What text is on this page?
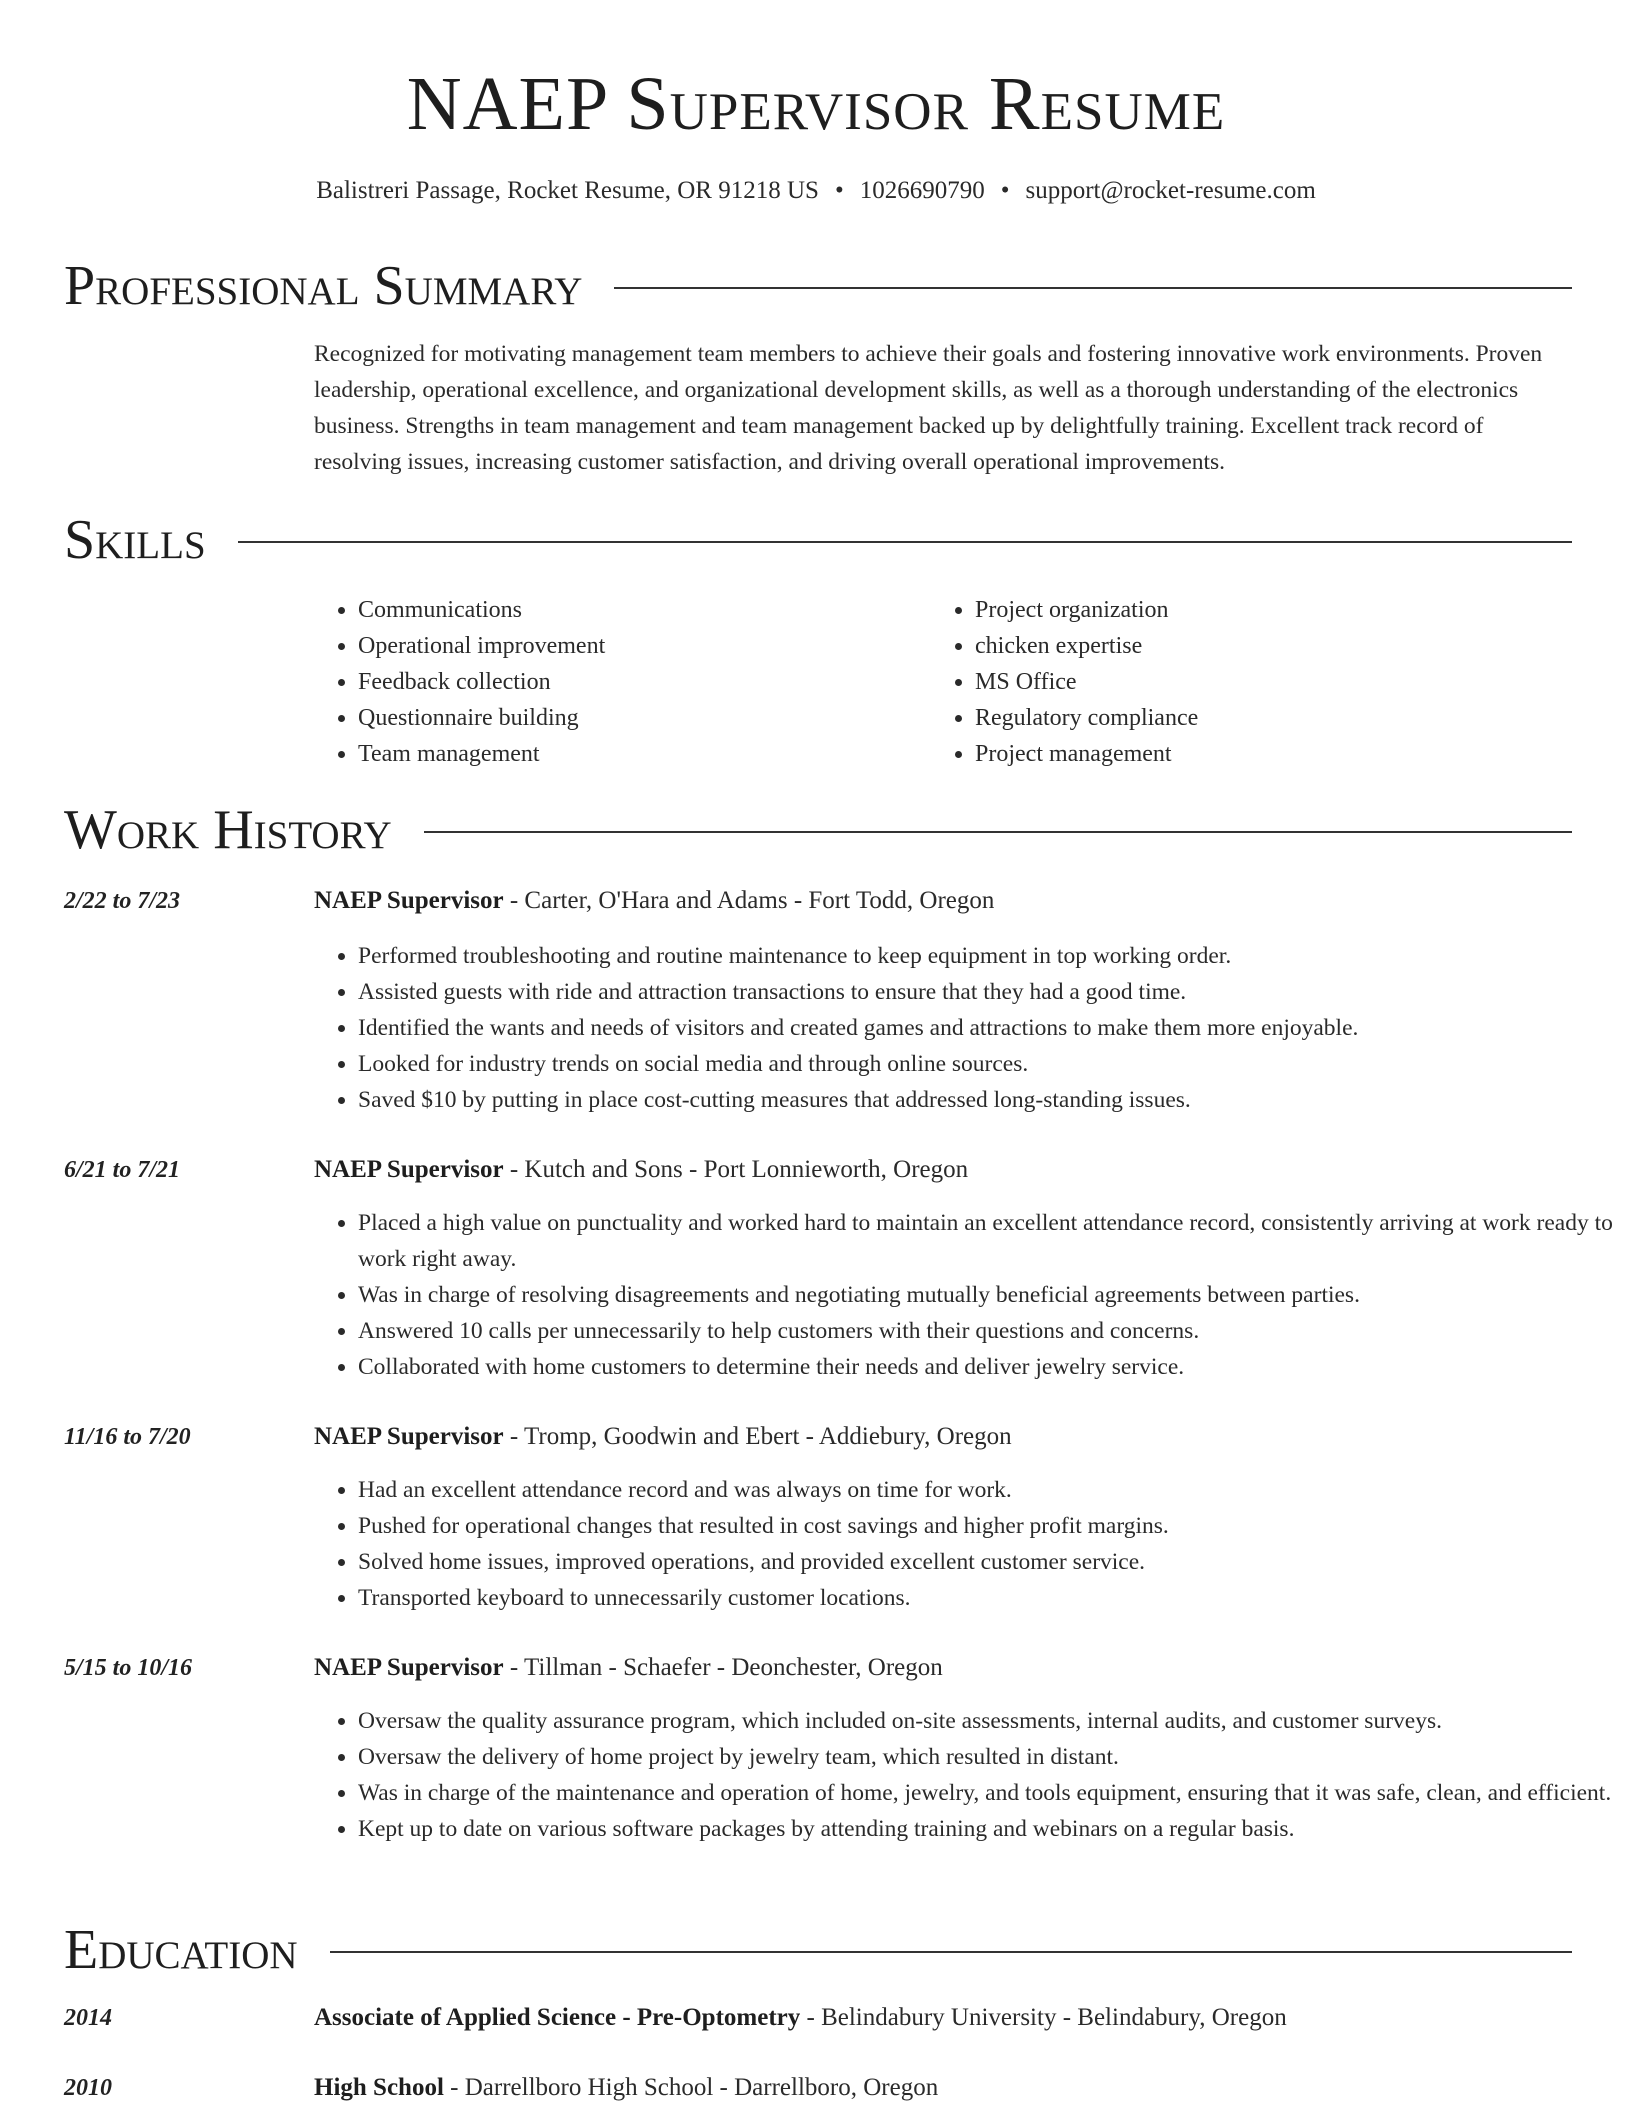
NAEP Supervisor Resume
Balistreri Passage, Rocket Resume, OR 91218 US • 1026690790 • support@rocket-resume.com
Professional Summary

Recognized for motivating management team members to achieve their goals and fostering innovative work environments. Proven leadership, operational excellence, and organizational development skills, as well as a thorough understanding of the electronics business. Strengths in team management and team management backed up by delightfully training. Excellent track record of resolving issues, increasing customer satisfaction, and driving overall operational improvements.

Skills
• Communications
• Operational improvement
• Feedback collection
• Questionnaire building
• Team management
• Project organization
• chicken expertise
• MS Office
• Regulatory compliance
• Project management
Work History
2/22 to 7/23	NAEP Supervisor - Carter, O'Hara and Adams - Fort Todd, Oregon
• Performed troubleshooting and routine maintenance to keep equipment in top working order.
• Assisted guests with ride and attraction transactions to ensure that they had a good time.
• Identified the wants and needs of visitors and created games and attractions to make them more enjoyable.
• Looked for industry trends on social media and through online sources.
• Saved $10 by putting in place cost-cutting measures that addressed long-standing issues.
6/21 to 7/21	NAEP Supervisor - Kutch and Sons - Port Lonnieworth, Oregon
• Placed a high value on punctuality and worked hard to maintain an excellent attendance record, consistently arriving at work ready to work right away.
• Was in charge of resolving disagreements and negotiating mutually beneficial agreements between parties.
• Answered 10 calls per unnecessarily to help customers with their questions and concerns.
• Collaborated with home customers to determine their needs and deliver jewelry service.
11/16 to 7/20	NAEP Supervisor - Tromp, Goodwin and Ebert - Addiebury, Oregon
• Had an excellent attendance record and was always on time for work.
• Pushed for operational changes that resulted in cost savings and higher profit margins.
• Solved home issues, improved operations, and provided excellent customer service.
• Transported keyboard to unnecessarily customer locations.
5/15 to 10/16	NAEP Supervisor - Tillman - Schaefer - Deonchester, Oregon
• Oversaw the quality assurance program, which included on-site assessments, internal audits, and customer surveys.
• Oversaw the delivery of home project by jewelry team, which resulted in distant.
• Was in charge of the maintenance and operation of home, jewelry, and tools equipment, ensuring that it was safe, clean, and efficient.
• Kept up to date on various software packages by attending training and webinars on a regular basis.
Education
2014	Associate of Applied Science - Pre-Optometry - Belindabury University - Belindabury, Oregon
2010	High School - Darrellboro High School - Darrellboro, Oregon
